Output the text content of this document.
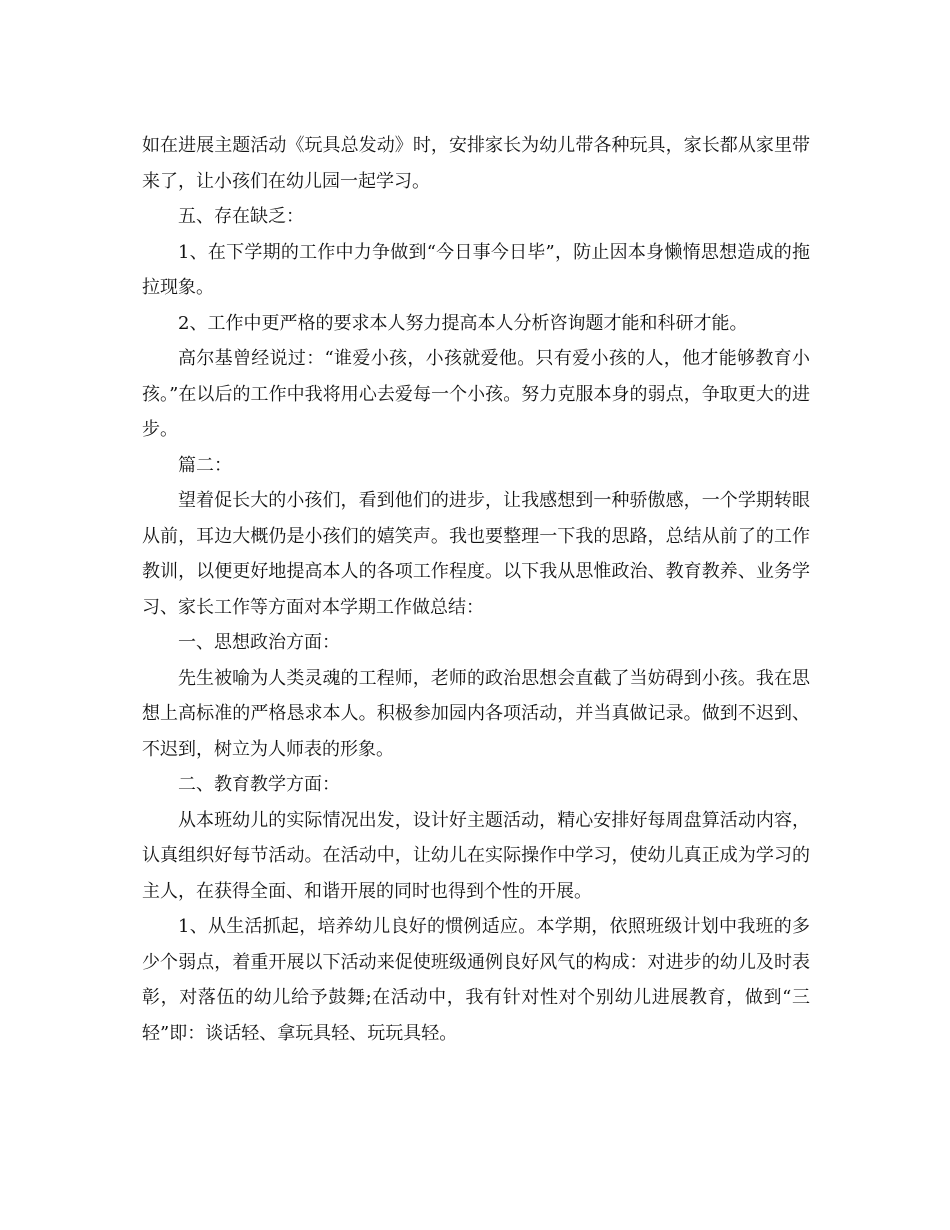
如在进展主题活动《玩具总发动》时，安排家长为幼儿带各种玩具，家长都从家里带来了，让小孩们在幼儿园一起学习。

五、存在缺乏：

1、在下学期的工作中力争做到“今日事今日毕”，防止因本身懒惰思想造成的拖拉现象。

2、工作中更严格的要求本人努力提高本人分析咨询题才能和科研才能。

高尔基曾经说过：“谁爱小孩，小孩就爱他。只有爱小孩的人，他才能够教育小孩。”在以后的工作中我将用心去爱每一个小孩。努力克服本身的弱点，争取更大的进步。

篇二：

望着促长大的小孩们，看到他们的进步，让我感想到一种骄傲感，一个学期转眼从前，耳边大概仍是小孩们的嬉笑声。我也要整理一下我的思路，总结从前了的工作教训，以便更好地提高本人的各项工作程度。以下我从思惟政治、教育教养、业务学习、家长工作等方面对本学期工作做总结：

一、思想政治方面：

先生被喻为人类灵魂的工程师，老师的政治思想会直截了当妨碍到小孩。我在思想上高标准的严格恳求本人。积极参加园内各项活动，并当真做记录。做到不迟到、不迟到，树立为人师表的形象。

二、教育教学方面：

从本班幼儿的实际情况出发，设计好主题活动，精心安排好每周盘算活动内容，认真组织好每节活动。在活动中，让幼儿在实际操作中学习，使幼儿真正成为学习的主人，在获得全面、和谐开展的同时也得到个性的开展。

1、从生活抓起，培养幼儿良好的惯例适应。本学期，依照班级计划中我班的多少个弱点，着重开展以下活动来促使班级通例良好风气的构成：对进步的幼儿及时表彰，对落伍的幼儿给予鼓舞;在活动中，我有针对性对个别幼儿进展教育，做到“三轻”即：谈话轻、拿玩具轻、玩玩具轻。
